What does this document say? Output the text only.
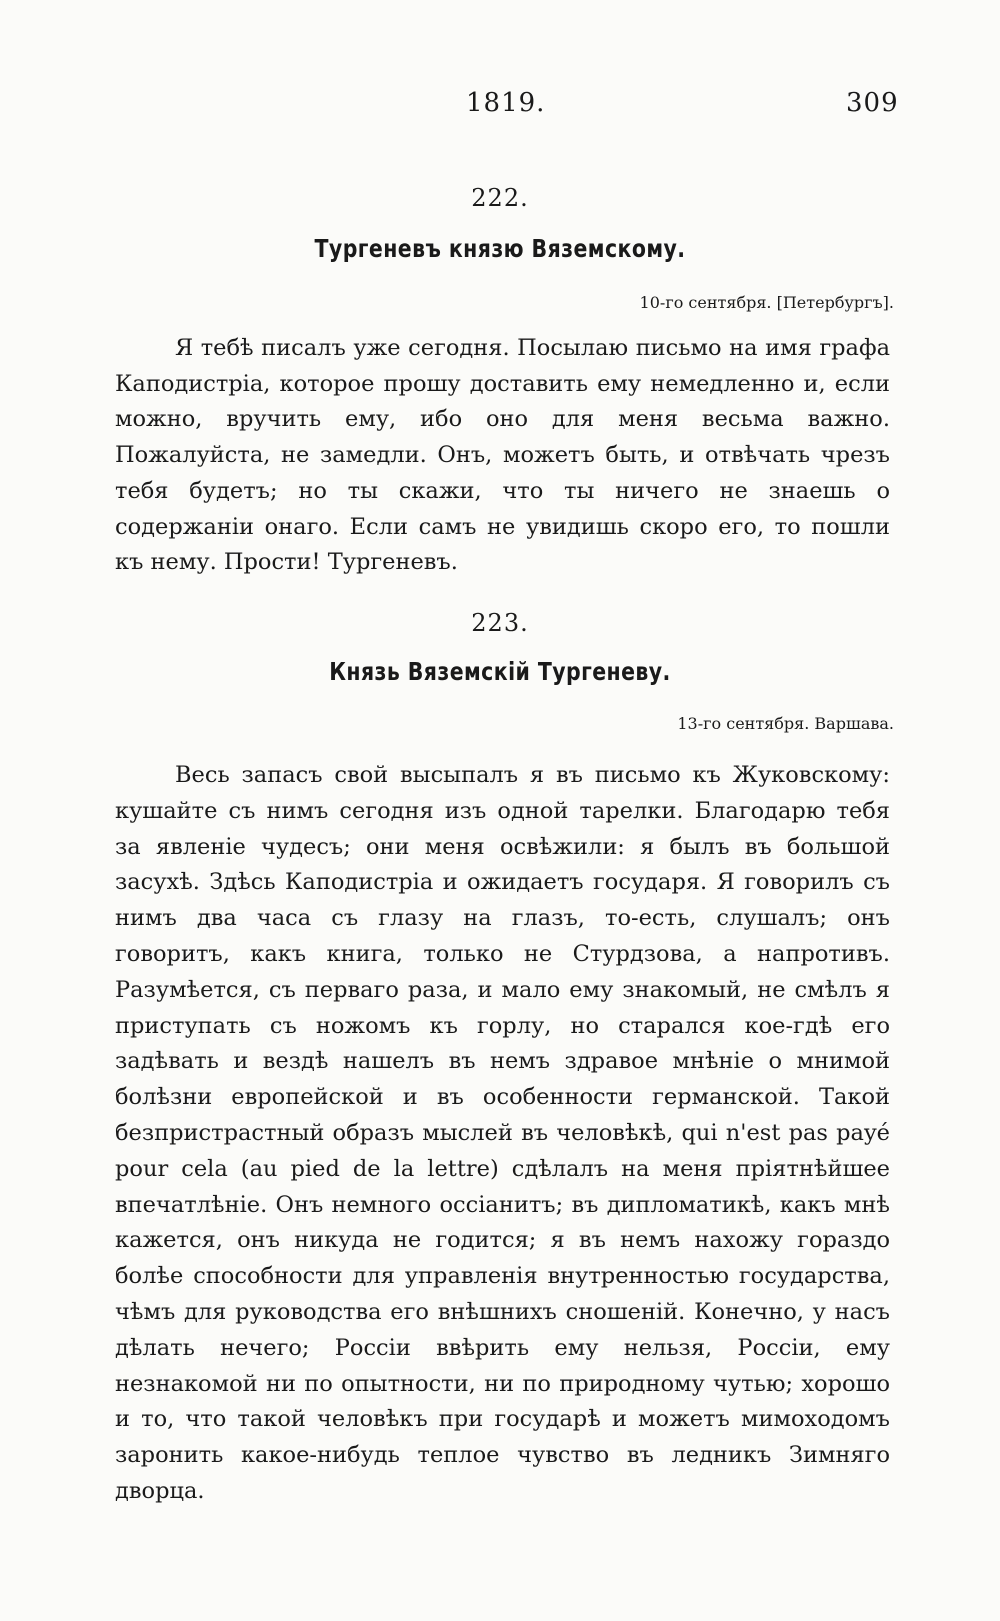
1819.	309
222.
Тургеневъ князю Вяземскому.
10-го сентября. [Петербургъ].

Я тебѣ писалъ уже сегодня. Посылаю письмо на имя графа Каподистріа, которое прошу доставить ему немедленно и, если можно, вручить ему, ибо оно для меня весьма важно. Пожалуйста, не замедли. Онъ, можетъ быть, и отвѣчать чрезъ тебя будетъ; но ты скажи, что ты ничего не знаешь о содержаніи онаго. Если самъ не увидишь скоро его, то пошли къ нему. Прости! Тургеневъ.

223.
Князь Вяземскій Тургеневу.
13-го сентября. Варшава.

Весь запасъ свой высыпалъ я въ письмо къ Жуковскому: кушайте съ нимъ сегодня изъ одной тарелки. Благодарю тебя за явленіе чудесъ; они меня освѣжили: я былъ въ большой засухѣ. Здѣсь Каподистріа и ожидаетъ государя. Я говорилъ съ нимъ два часа съ глазу на глазъ, то-есть, слушалъ; онъ говоритъ, какъ книга, только не Стурдзова, а напротивъ. Разумѣется, съ перваго раза, и мало ему знакомый, не смѣлъ я приступать съ ножомъ къ горлу, но старался кое-гдѣ его задѣвать и вездѣ нашелъ въ немъ здравое мнѣніе о мнимой болѣзни европейской и въ особенности германской. Такой безпристрастный образъ мыслей въ человѣкѣ, qui n'est pas payé pour cela (au pied de la lettre) сдѣлалъ на меня пріятнѣйшее впечатлѣніе. Онъ немного оссіанитъ; въ дипломатикѣ, какъ мнѣ кажется, онъ никуда не годится; я въ немъ нахожу гораздо болѣе способности для управленія внутренностью государства, чѣмъ для руководства его внѣшнихъ сношеній. Конечно, у насъ дѣлать нечего; Россіи ввѣрить ему нельзя, Россіи, ему незнакомой ни по опытности, ни по природному чутью; хорошо и то, что такой человѣкъ при государѣ и можетъ мимоходомъ заронить какое-нибудь теплое чувство въ ледникъ Зимняго дворца.
